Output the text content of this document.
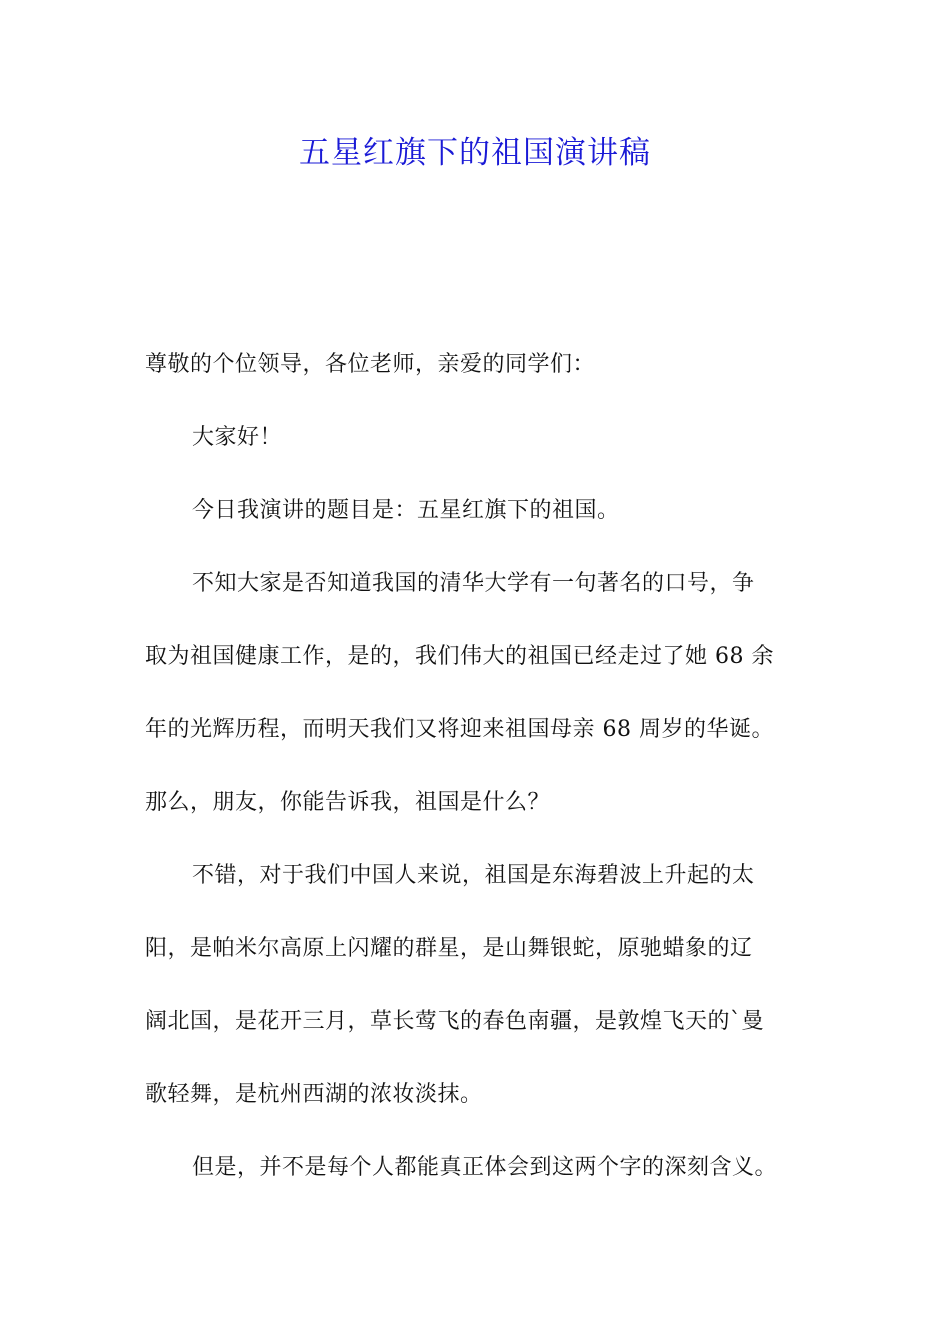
五星红旗下的祖国演讲稿
尊敬的个位领导，各位老师，亲爱的同学们：
大家好！
今日我演讲的题目是：五星红旗下的祖国。
不知大家是否知道我国的清华大学有一句著名的口号，争
取为祖国健康工作，是的，我们伟大的祖国已经走过了她 68 余
年的光辉历程，而明天我们又将迎来祖国母亲 68 周岁的华诞。
那么，朋友，你能告诉我，祖国是什么？
不错，对于我们中国人来说，祖国是东海碧波上升起的太
阳，是帕米尔高原上闪耀的群星，是山舞银蛇，原驰蜡象的辽
阔北国，是花开三月，草长莺飞的春色南疆，是敦煌飞天的`曼
歌轻舞，是杭州西湖的浓妆淡抹。
但是，并不是每个人都能真正体会到这两个字的深刻含义。
